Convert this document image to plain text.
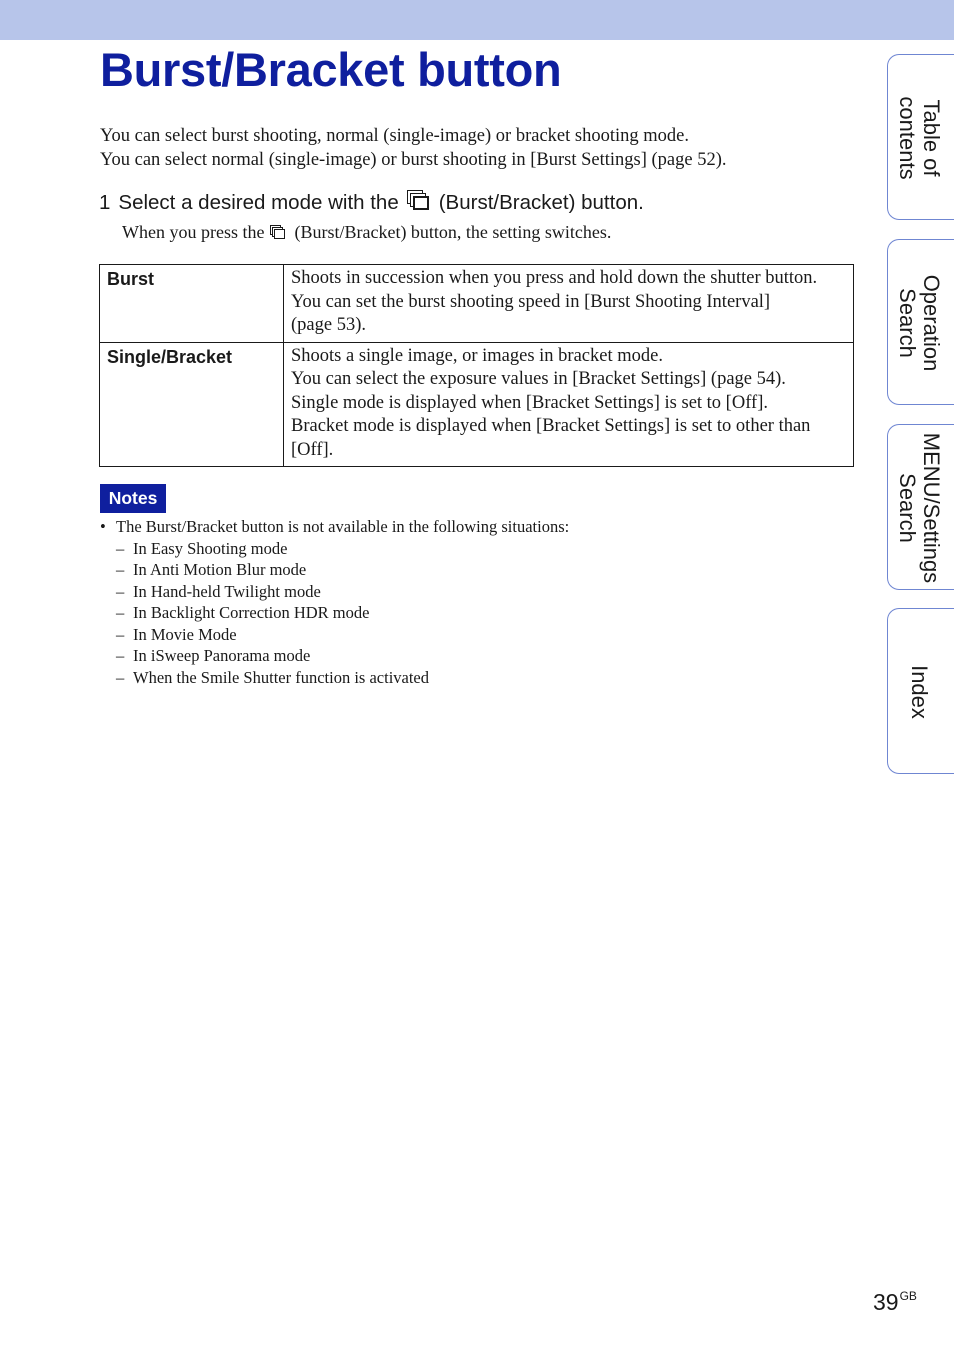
Burst/Bracket button
You can select burst shooting, normal (single-image) or bracket shooting mode.
You can select normal (single-image) or burst shooting in [Burst Settings] (page 52).
1 Select a desired mode with the (Burst/Bracket) button.
When you press the (Burst/Bracket) button, the setting switches.
Burst	Shoots in succession when you press and hold down the shutter button.
You can set the burst shooting speed in [Burst Shooting Interval]
(page 53).

Single/Bracket	Shoots a single image, or images in bracket mode.
You can select the exposure values in [Bracket Settings] (page 54).
Single mode is displayed when [Bracket Settings] is set to [Off].
Bracket mode is displayed when [Bracket Settings] is set to other than
[Off].
Notes
• The Burst/Bracket button is not available in the following situations:
– In Easy Shooting mode
– In Anti Motion Blur mode
– In Hand-held Twilight mode
– In Backlight Correction HDR mode
– In Movie Mode
– In iSweep Panorama mode
– When the Smile Shutter function is activated
Table of
contents
Operation
Search
MENU/Settings
Search
Index
$39^{GB}$
